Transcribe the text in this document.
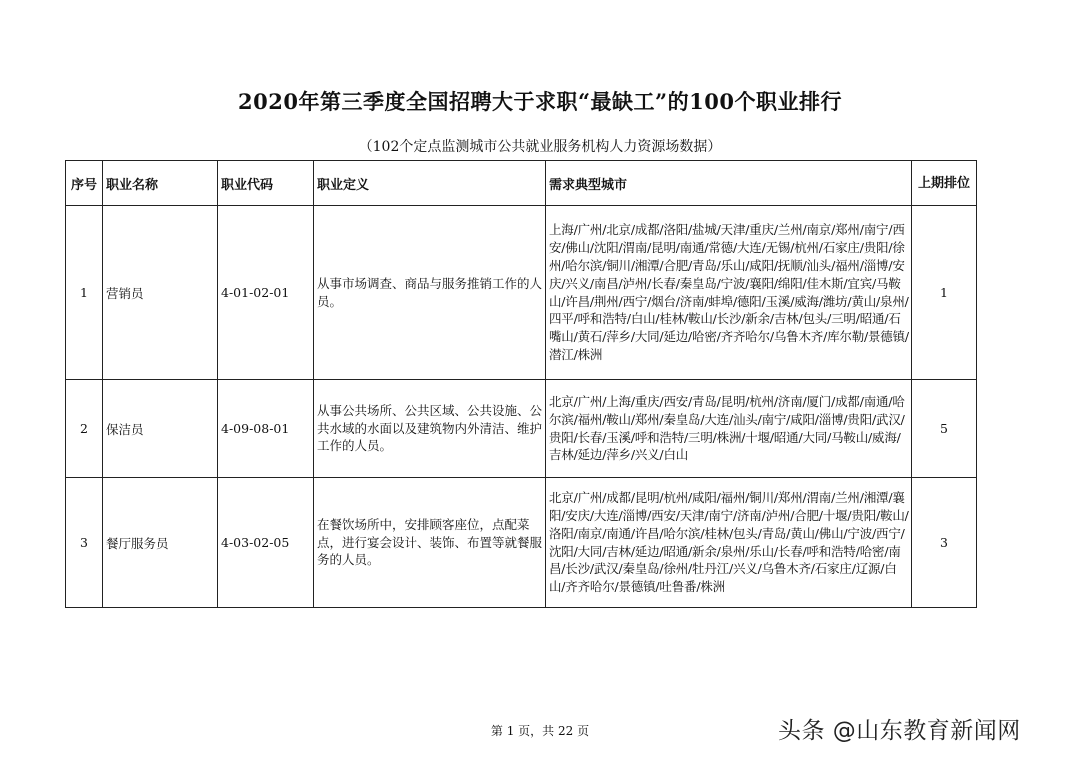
2020年第三季度全国招聘大于求职“最缺工”的100个职业排行
（102个定点监测城市公共就业服务机构人力资源场数据）
序号	职业名称	职业代码	职业定义	需求典型城市	上期排位
1	营销员	4-01-02-01	从事市场调查、商品与服务推销工作的人员。	上海/广州/北京/成都/洛阳/盐城/天津/重庆/兰州/南京/郑州/南宁/西安/佛山/沈阳/渭南/昆明/南通/常德/大连/无锡/杭州/石家庄/贵阳/徐州/哈尔滨/铜川/湘潭/合肥/青岛/乐山/咸阳/抚顺/汕头/福州/淄博/安庆/兴义/南昌/泸州/长春/秦皇岛/宁波/襄阳/绵阳/佳木斯/宜宾/马鞍山/许昌/荆州/西宁/烟台/济南/蚌埠/德阳/玉溪/威海/潍坊/黄山/泉州/四平/呼和浩特/白山/桂林/鞍山/长沙/新余/吉林/包头/三明/昭通/石嘴山/黄石/萍乡/大同/延边/哈密/齐齐哈尔/乌鲁木齐/库尔勒/景德镇/潜江/株洲	1
2	保洁员	4-09-08-01	从事公共场所、公共区域、公共设施、公共水域的水面以及建筑物内外清洁、维护工作的人员。	北京/广州/上海/重庆/西安/青岛/昆明/杭州/济南/厦门/成都/南通/哈尔滨/福州/鞍山/郑州/秦皇岛/大连/汕头/南宁/咸阳/淄博/贵阳/武汉/贵阳/长春/玉溪/呼和浩特/三明/株洲/十堰/昭通/大同/马鞍山/威海/吉林/延边/萍乡/兴义/白山	5
3	餐厅服务员	4-03-02-05	在餐饮场所中，安排顾客座位，点配菜点，进行宴会设计、装饰、布置等就餐服务的人员。	北京/广州/成都/昆明/杭州/咸阳/福州/铜川/郑州/渭南/兰州/湘潭/襄阳/安庆/大连/淄博/西安/天津/南宁/济南/泸州/合肥/十堰/贵阳/鞍山/洛阳/南京/南通/许昌/哈尔滨/桂林/包头/青岛/黄山/佛山/宁波/西宁/沈阳/大同/吉林/延边/昭通/新余/泉州/乐山/长春/呼和浩特/哈密/南昌/长沙/武汉/秦皇岛/徐州/牡丹江/兴义/乌鲁木齐/石家庄/辽源/白山/齐齐哈尔/景德镇/吐鲁番/株洲	3
第 1 页，共 22 页	头条 @山东教育新闻网
